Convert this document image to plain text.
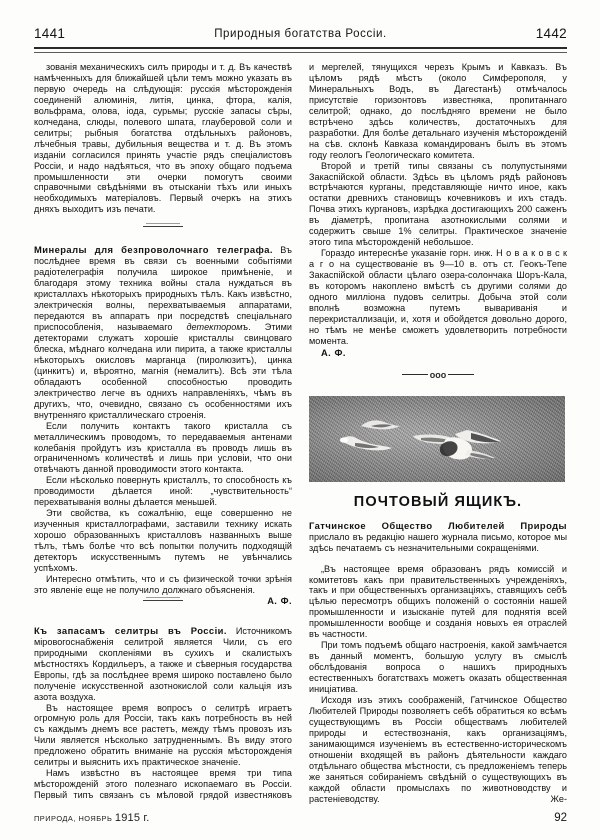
1441	Природныя богатства Россіи.	1442

зованія механическихъ силъ природы и т. д. Въ качествѣ намѣченныхъ для ближайшей цѣли темъ можно указать въ первую очередь на слѣдующія: русскія мѣсторожденія соединеній алюминія, литія, цинка, фтора, калія, вольфрама, олова, іода, сурьмы; русскіе запасы сѣры, колчедана, слюды, полевого шпата, глауберовой соли и селитры; рыбныя богатства отдѣльныхъ районовъ, лѣчебныя травы, дубильныя вещества и т. д. Въ этомъ изданіи согласился принять участіе рядъ спеціалистовъ Россіи, и надо надѣяться, что въ эпоху общаго подъема промышленности эти очерки помогутъ своими справочными свѣдѣніями въ отысканіи тѣхъ или иныхъ необходимыхъ матеріаловъ. Первый очеркъ на этихъ дняхъ выходитъ изъ печати.

Минералы для безпроволочнаго телеграфа. Въ послѣднее время въ связи съ военными событіями радіотелеграфія получила широкое примѣненіе, и благодаря этому техника войны стала нуждаться въ кристаллахъ нѣкоторыхъ природныхъ тѣлъ. Какъ извѣстно, электрическія волны, перехватываемыя аппаратами, передаются въ аппаратъ при посредствѣ спеціальнаго приспособленія, называемаго детекторомъ. Этими детекторами служатъ хорошіе кристаллы свинцоваго блеска, мѣднаго колчедана или пирита, а также кристаллы нѣкоторыхъ окисловъ марганца (пиролюзитъ), цинка (цинкитъ) и, вѣроятно, магнія (немалитъ). Всѣ эти тѣла обладаютъ особенной способностью проводить электричество легче въ однихъ направленіяхъ, чѣмъ въ другихъ, что, очевидно, связано съ особенностями ихъ внутренняго кристаллическаго строенія.

Если получить контактъ такого кристалла съ металлическимъ проводомъ, то передаваемыя антенами колебанія пройдутъ изъ кристалла въ проводъ лишь въ ограниченномъ количествѣ и лишь при условіи, что они отвѣчаютъ данной проводимости этого контакта.

Если нѣсколько повернуть кристаллъ, то способность къ проводимости дѣлается иной: „чувствительность“ перехватыванія волны дѣлается меньшей.

Эти свойства, къ сожалѣнію, еще совершенно не изученныя кристаллографами, заставили технику искать хорошо образованныхъ кристалловъ названныхъ выше тѣлъ, тѣмъ болѣе что всѣ попытки получить подходящій детекторъ искусственнымъ путемъ не увѣнчались успѣхомъ.

Интересно отмѣтить, что и съ физической точки зрѣнія это явленіе еще не получило должнаго объясненія.

А. Ф.

Къ запасамъ селитры въ Россіи. Источникомъ міровогоснабженія селитрой является Чили, съ его природными скопленіями въ сухихъ и скалистыхъ мѣстностяхъ Кордильеръ, а также и сѣверныя государства Европы, гдѣ за послѣднее время широко поставлено было получeніе искусственной азотнокислой соли кальція изъ азота воздуха.

Въ настоящее время вопросъ о селитрѣ играетъ огромную роль для Россіи, такъ какъ потребность въ ней съ каждымъ днемъ все растетъ, между тѣмъ провозъ изъ Чили является нѣсколько затрудненнымъ. Въ виду этого предложено обратить вниманіе на русскія мѣсторожденія селитры и выяснить ихъ практическое значеніе.

Намъ извѣстно въ настоящее время три типа мѣсторожденій этого полезнаго ископаемаго въ Россіи. Первый типъ связанъ съ мѣловой грядой известняковъ

и мергелей, тянущихся черезъ Крымъ и Кавказъ. Въ цѣломъ рядѣ мѣстъ (около Симферополя, у Минеральныхъ Водъ, въ Дагестанѣ) отмѣчалось присутствіе горизонтовъ известняка, пропитаннаго селитрой; однако, до послѣдняго времени не было встрѣчено здѣсь количествъ, достаточныхъ для разработки. Для болѣе детальнаго изученія мѣсторожденій на сѣв. склонѣ Кавказа командированъ былъ въ этомъ году геологъ Геологическаго комитета.

Второй и третій типы связаны съ полупустынями Закаспійской области. Здѣсь въ цѣломъ рядѣ районовъ встрѣчаются курганы, представляющіе ничто иное, какъ остатки древнихъ становищъ кочевниковъ и ихъ стадъ. Почва этихъ кургановъ, изрѣдка достигающихъ 200 саженъ въ діаметрѣ, пропитана азотнокислыми солями и содержитъ свыше 1% селитры. Практическое значеніе этого типа мѣсторожденій небольшое.

Гораздо интереснѣе указаніе горн. инж. Н о в а к о в с к а г о на существованіе въ 9—10 в. отъ ст. Геокъ-Тепе Закаспійской области цѣлаго озера-солончака Шоръ-Кала, въ которомъ накоплено вмѣстѣ съ другими солями до одного милліона пудовъ селитры. Добыча этой соли вполнѣ возможна путемъ вывариванія и перекристаллизаціи, и, хотя и обойдется довольно дорого, но тѣмъ не менѣе сможетъ удовлетворить потребности момента.

А. Ф.

ooo
ПОЧТОВЫЙ ЯЩИКЪ.

Гатчинское Общество Любителей Природы прислало въ редакцію нашего журнала письмо, которое мы здѣсь печатаемъ съ незначительными сокращеніями.

„Въ настоящее время образованъ рядъ комиссій и комитетовъ какъ при правительственныхъ учрежденіяхъ, такъ и при общественныхъ организаціяхъ, ставящихъ себѣ цѣлью пересмотръ общихъ положеній о состояніи нашей промышленности и изысканіе путей для поднятія всей промышленности вообще и созданія новыхъ ея отраслей въ частности.

При томъ подъемѣ общаго настроенія, какой замѣчается въ данный моментъ, большую услугу въ смыслѣ обслѣдованія вопроса о нашихъ природныхъ естественныхъ богатствахъ можетъ оказать общественная иниціатива.

Исходя изъ этихъ соображеній, Гатчинское Общество Любителей Природы позволяетъ себѣ обратиться ко всѣмъ существующимъ въ Россіи обществамъ любителей природы и естествознанія, какъ организаціямъ, занимающимся изученіемъ въ естественно-историческомъ отношеніи входящей въ районъ дѣятельности каждаго отдѣльнаго общества мѣстности, съ предложеніемъ теперь же заняться собираніемъ свѣдѣній о существующихъ въ каждой области промыслахъ по животноводству и растеніеводству. Же-

ПРИРОДА, НОЯБРЬ 1915 г.	92
